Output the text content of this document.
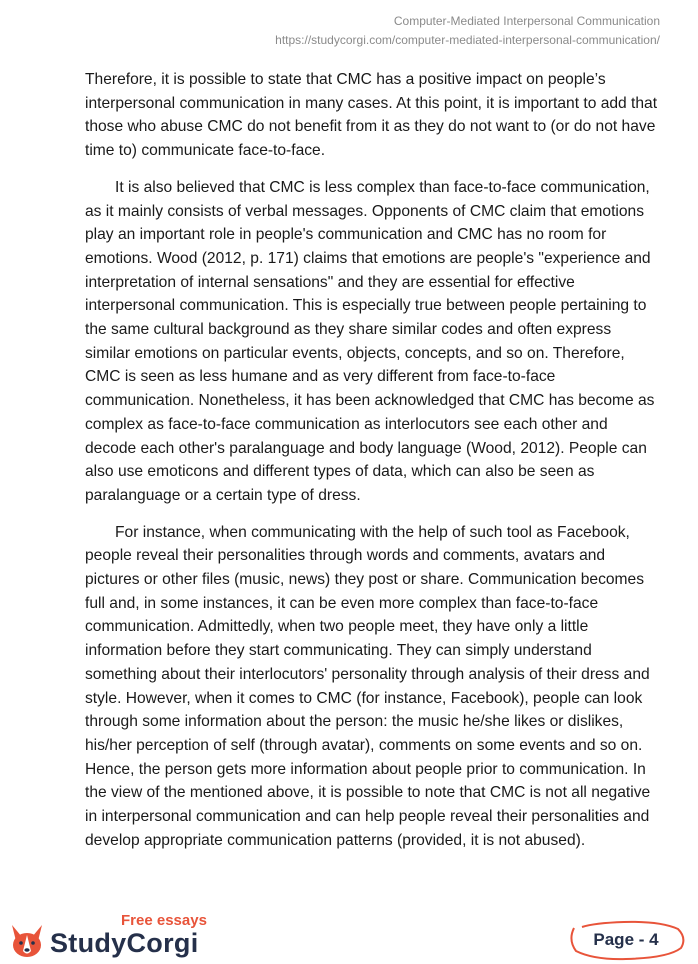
Computer-Mediated Interpersonal Communication
https://studycorgi.com/computer-mediated-interpersonal-communication/

Therefore, it is possible to state that CMC has a positive impact on people’s interpersonal communication in many cases. At this point, it is important to add that those who abuse CMC do not benefit from it as they do not want to (or do not have time to) communicate face-to-face.

It is also believed that CMC is less complex than face-to-face communication, as it mainly consists of verbal messages. Opponents of CMC claim that emotions play an important role in people's communication and CMC has no room for emotions. Wood (2012, p. 171) claims that emotions are people's "experience and interpretation of internal sensations" and they are essential for effective interpersonal communication. This is especially true between people pertaining to the same cultural background as they share similar codes and often express similar emotions on particular events, objects, concepts, and so on. Therefore, CMC is seen as less humane and as very different from face-to-face communication. Nonetheless, it has been acknowledged that CMC has become as complex as face-to-face communication as interlocutors see each other and decode each other's paralanguage and body language (Wood, 2012). People can also use emoticons and different types of data, which can also be seen as paralanguage or a certain type of dress.

For instance, when communicating with the help of such tool as Facebook, people reveal their personalities through words and comments, avatars and pictures or other files (music, news) they post or share. Communication becomes full and, in some instances, it can be even more complex than face-to-face communication. Admittedly, when two people meet, they have only a little information before they start communicating. They can simply understand something about their interlocutors' personality through analysis of their dress and style. However, when it comes to CMC (for instance, Facebook), people can look through some information about the person: the music he/she likes or dislikes, his/her perception of self (through avatar), comments on some events and so on. Hence, the person gets more information about people prior to communication. In the view of the mentioned above, it is possible to note that CMC is not all negative in interpersonal communication and can help people reveal their personalities and develop appropriate communication patterns (provided, it is not abused).

Free essays
StudyCorgi	Page - 4
